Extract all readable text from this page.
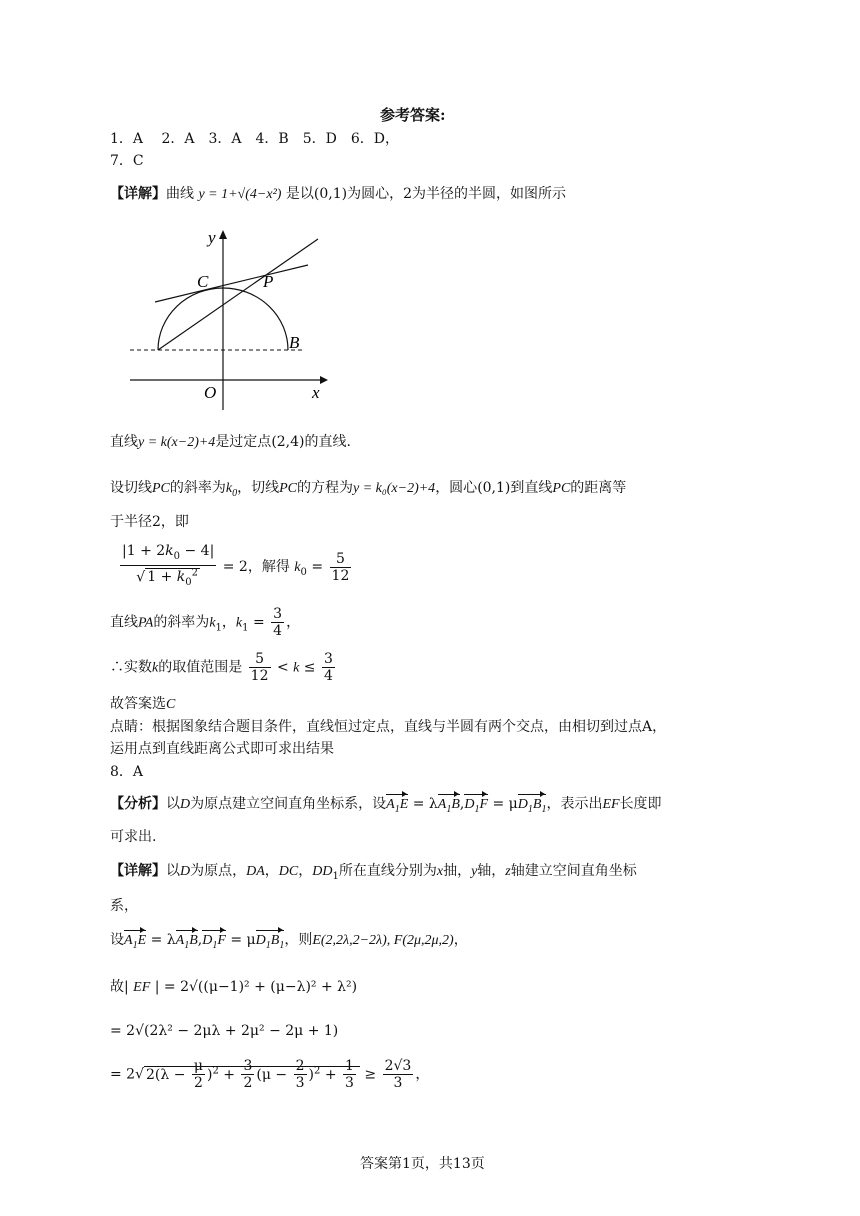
参考答案:
1．A　 2．A　3．A　4．B　5．D　6．D，
7．C
【详解】曲线 y = 1+√(4−x²) 是以(0,1)为圆心，2为半径的半圆，如图所示
y
x
O
C	P
B
直线y = k(x−2)+4是过定点(2,4)的直线.
设切线PC的斜率为$k_0$，切线PC的方程为y = k₀(x−2)+4，圆心(0,1)到直线PC的距离等
于半径2，即
$\frac{|1 + 2k_0 - 4|}{√ 1 + k_0^2} = 2$，解得 $k_0 = \frac{5}{12}$
直线PA的斜率为$k_1$，$k_1 = \frac{3}{4}$ ，
∴实数k的取值范围是 $\frac{5}{12} < k \le \frac{3}{4}$
故答案选C
点睛：根据图象结合题目条件，直线恒过定点，直线与半圆有两个交点，由相切到过点A，
运用点到直线距离公式即可求出结果
8．A
【分析】以D为原点建立空间直角坐标系，设$A_1E = \lambda A_1B,D_1F = \mu D_1B_1$，表示出EF长度即
可求出.
【详解】以D为原点，DA，DC，$DD_1$所在直线分别为x抽，y轴，z轴建立空间直角坐标
系，
设$A_1E = \lambda A_1B,D_1F = \mu D_1B_1$，则E(2,2λ,2−2λ), F(2μ,2μ,2)，
故| EF | = 2√((μ−1)² + (μ−λ)² + λ²)
= 2√(2λ² − 2μλ + 2μ² − 2μ + 1)
= 2√ $2(\lambda - \frac{\mu}{2} )^2 + \frac{3}{2} (\mu - \frac{2}{3} )^2 + \frac{1}{3} \ge \frac{2√3}{3}$ ，
答案第1页，共13页
